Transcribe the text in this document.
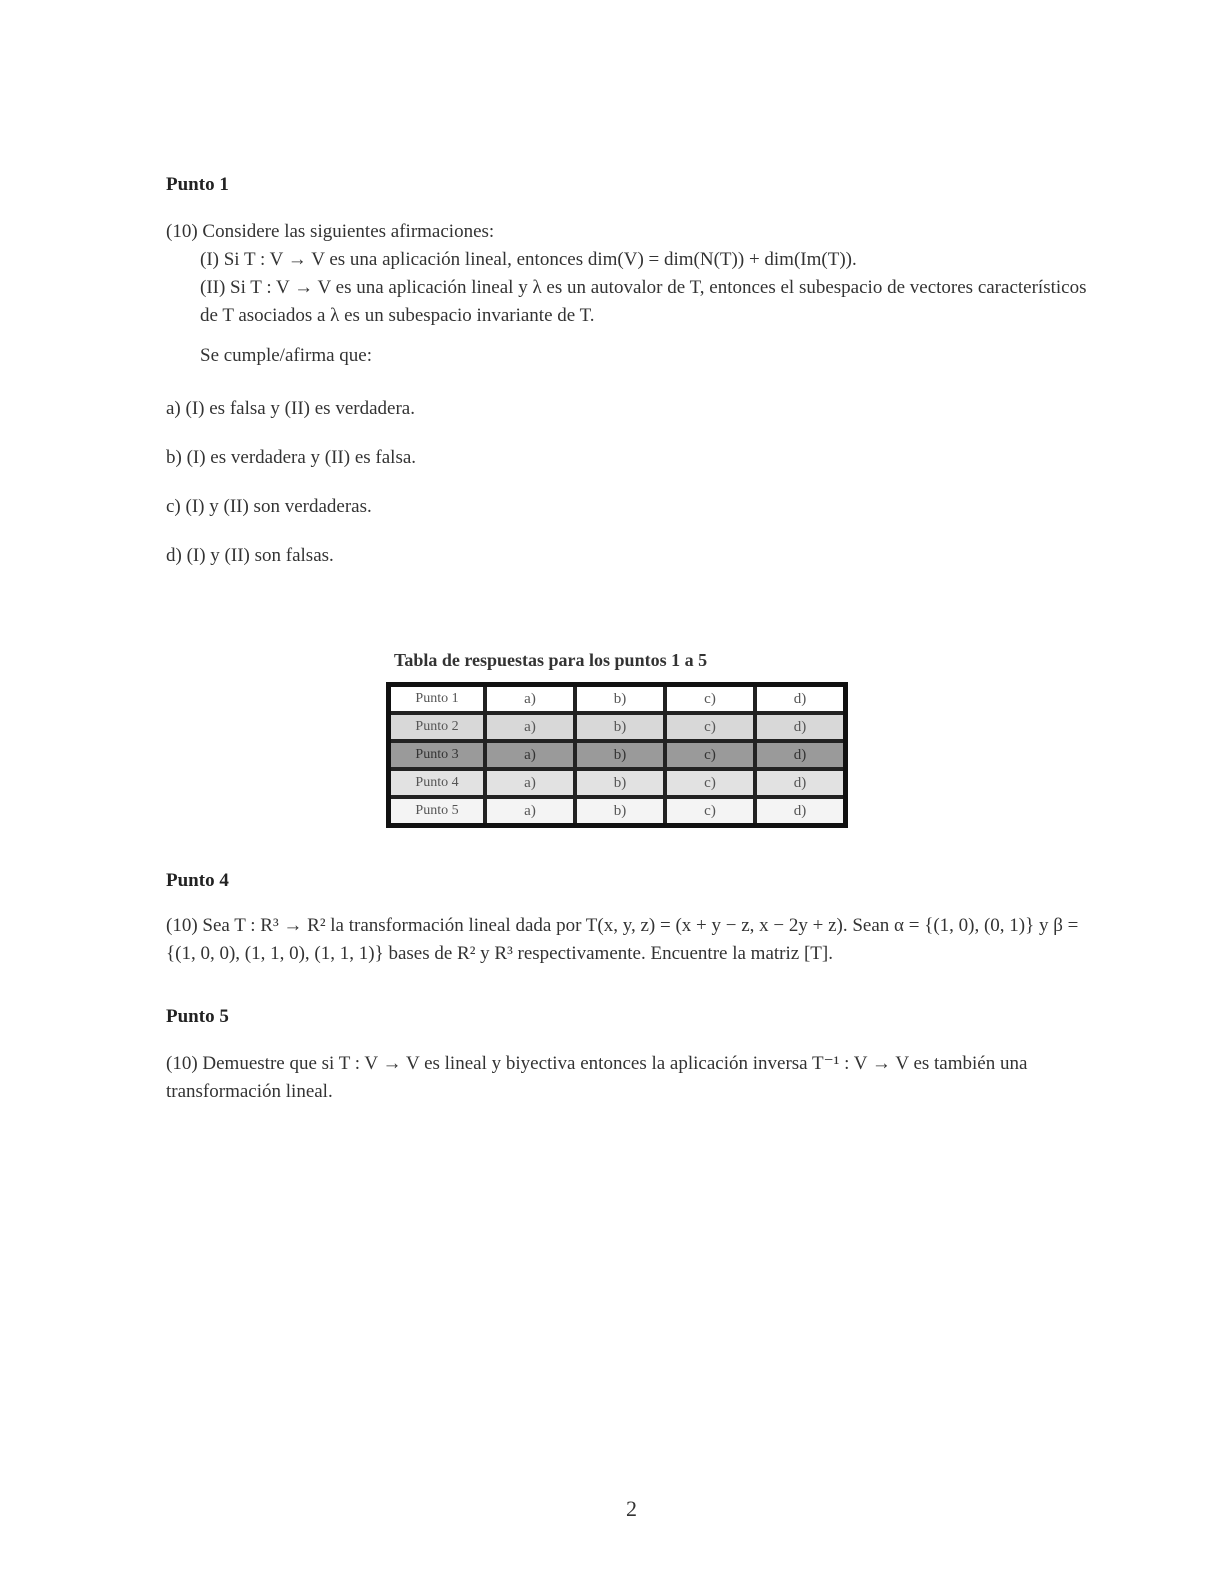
Punto 1
(10) Considere las siguientes afirmaciones:
(I) Si T : V → V es una aplicación lineal, entonces dim(V) = dim(N(T)) + dim(Im(T)).
(II) Si T : V → V es una aplicación lineal y λ es un autovalor de T, entonces el subespacio de vectores característicos de T asociados a λ es un subespacio invariante de T.
Se cumple/afirma que:
a) (I) es falsa y (II) es verdadera.
b) (I) es verdadera y (II) es falsa.
c) (I) y (II) son verdaderas.
d) (I) y (II) son falsas.
Tabla de respuestas para los puntos 1 a 5
Punto 1	a)	b)	c)	d)
Punto 2	a)	b)	c)	d)
Punto 3	a)	b)	c)	d)
Punto 4	a)	b)	c)	d)
Punto 5	a)	b)	c)	d)
Punto 4
(10) Sea T : R³ → R² la transformación lineal dada por T(x, y, z) = (x + y − z, x − 2y + z). Sean α = {(1, 0), (0, 1)} y β = {(1, 0, 0), (1, 1, 0), (1, 1, 1)} bases de R² y R³ respectivamente. Encuentre la matriz [T].
Punto 5
(10) Demuestre que si T : V → V es lineal y biyectiva entonces la aplicación inversa T⁻¹ : V → V es también una transformación lineal.
2
